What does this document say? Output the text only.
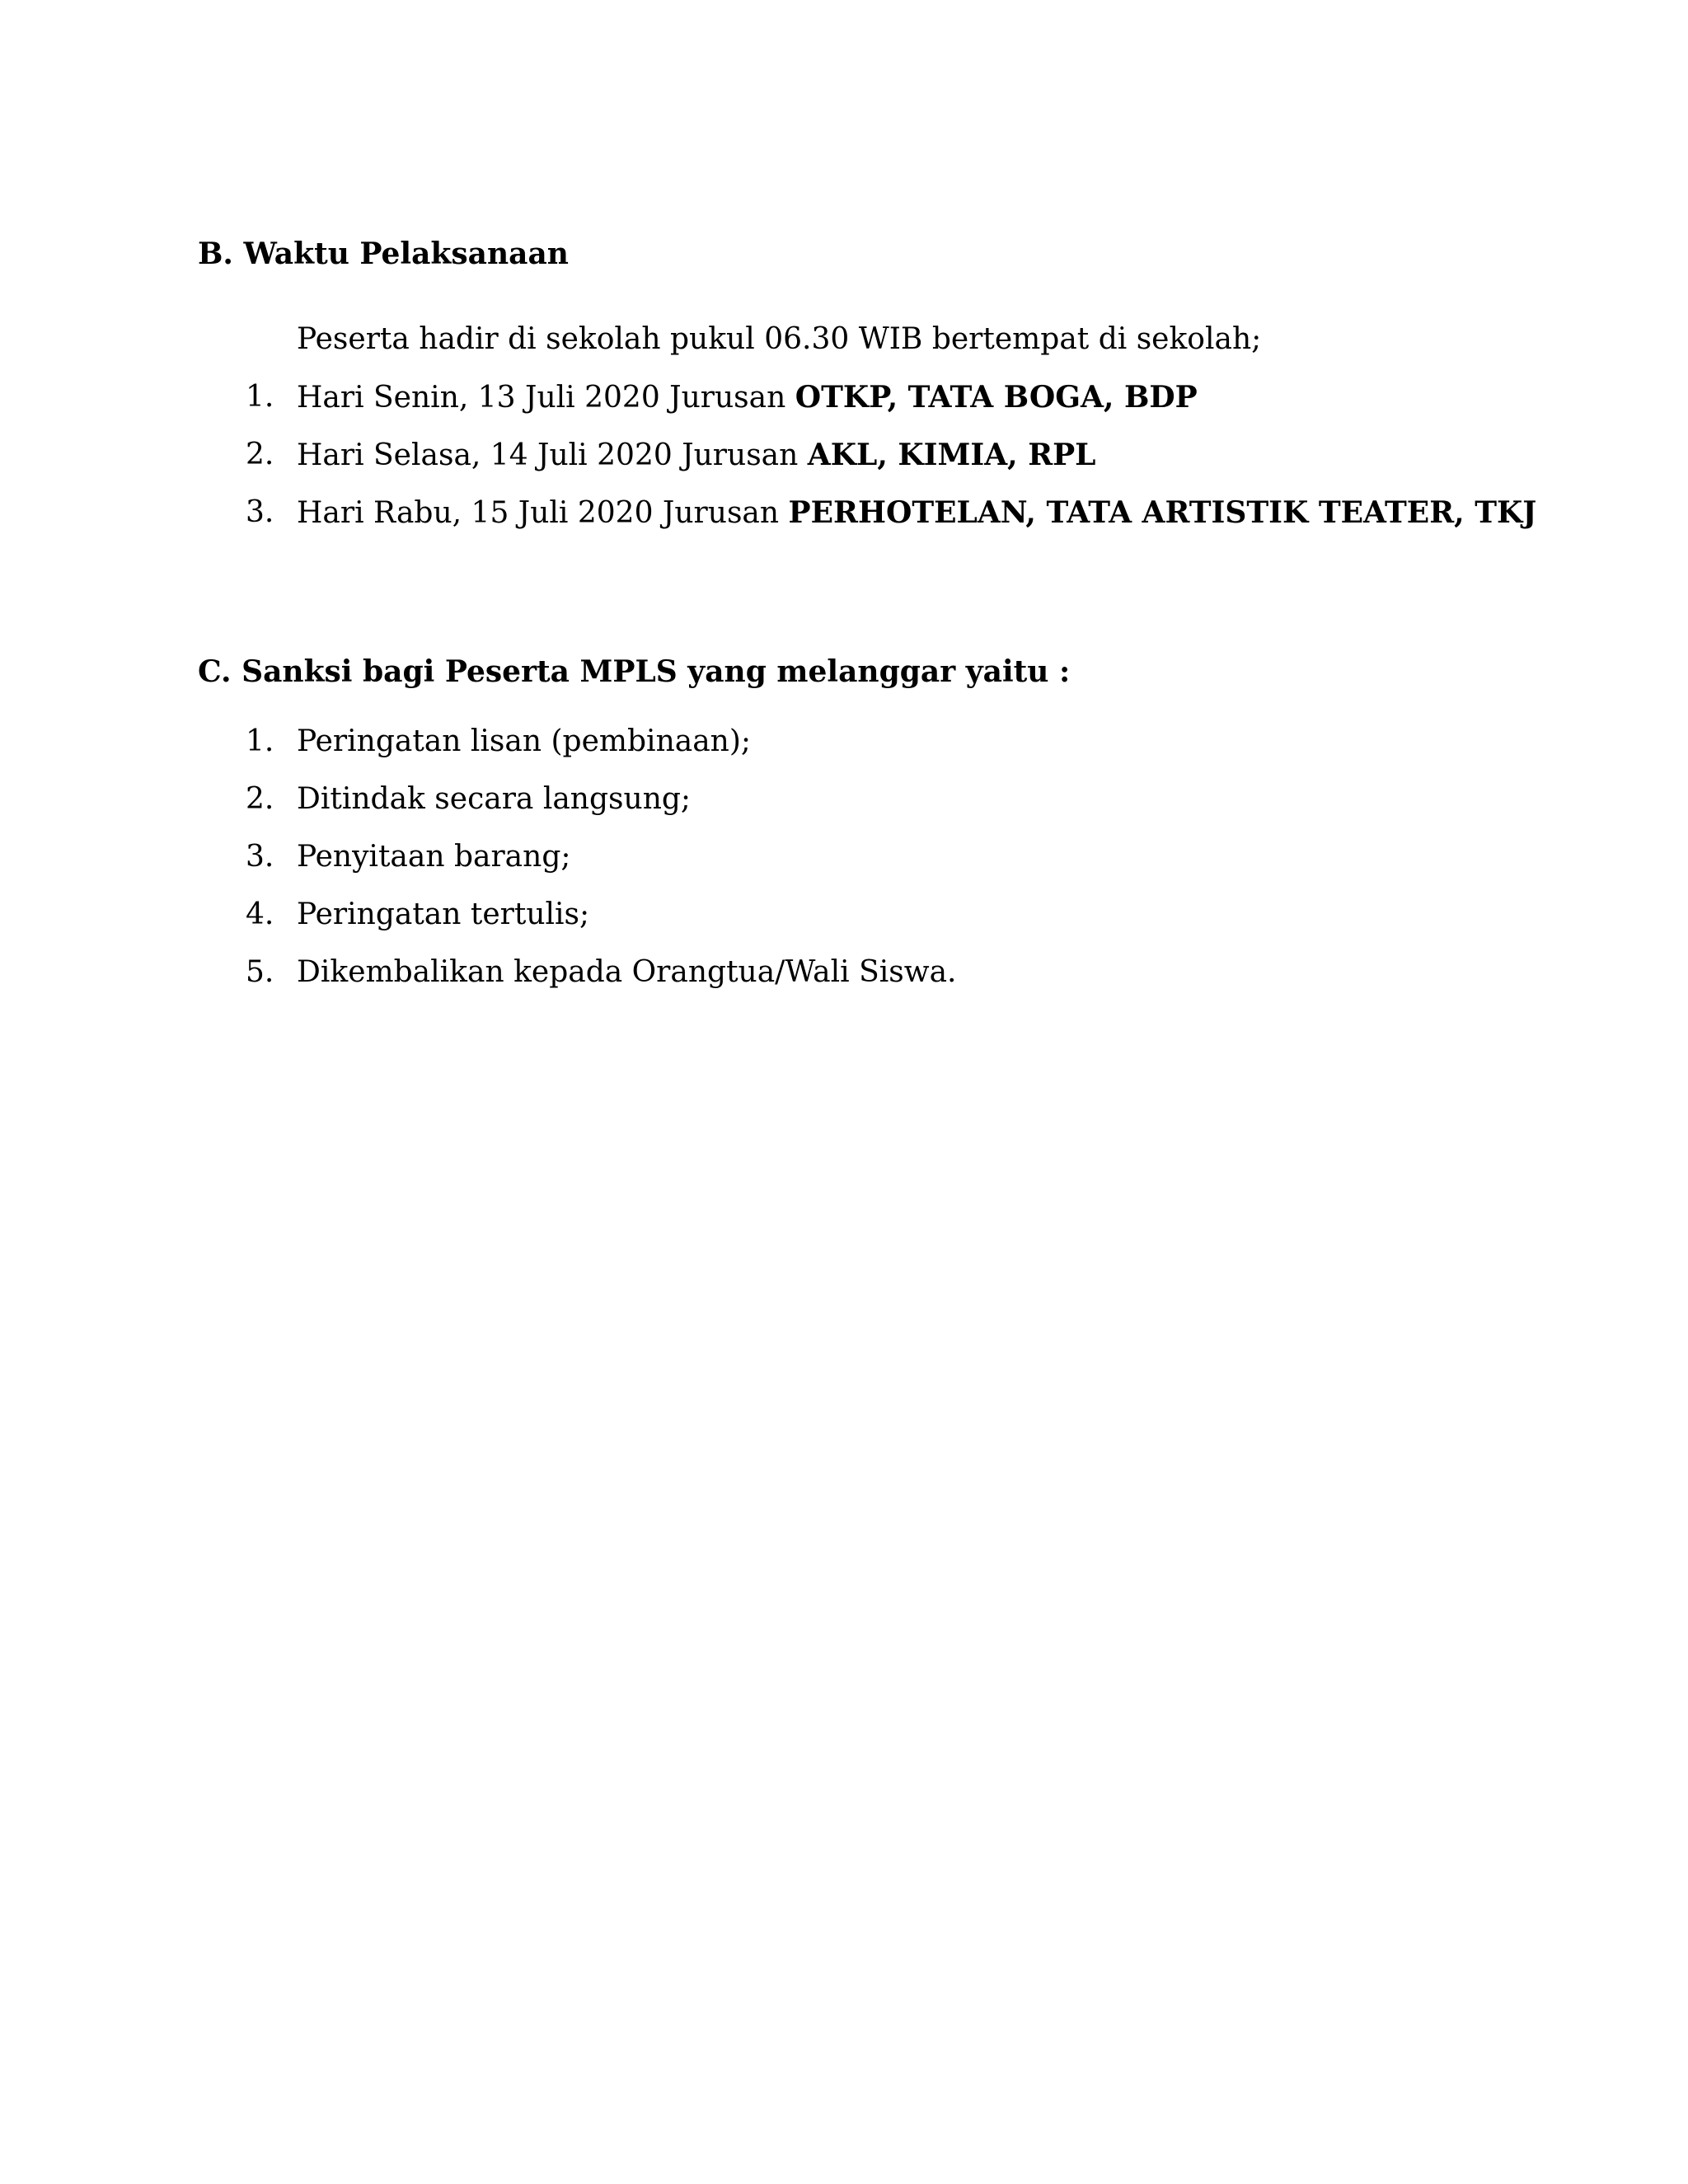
B. Waktu Pelaksanaan
Peserta hadir di sekolah pukul 06.30 WIB bertempat di sekolah;
1. Hari Senin, 13 Juli 2020 Jurusan OTKP, TATA BOGA, BDP
2. Hari Selasa, 14 Juli 2020 Jurusan AKL, KIMIA, RPL
3. Hari Rabu, 15 Juli 2020 Jurusan PERHOTELAN, TATA ARTISTIK TEATER, TKJ
C. Sanksi bagi Peserta MPLS yang melanggar yaitu :
1. Peringatan lisan (pembinaan);
2. Ditindak secara langsung;
3. Penyitaan barang;
4. Peringatan tertulis;
5. Dikembalikan kepada Orangtua/Wali Siswa.
